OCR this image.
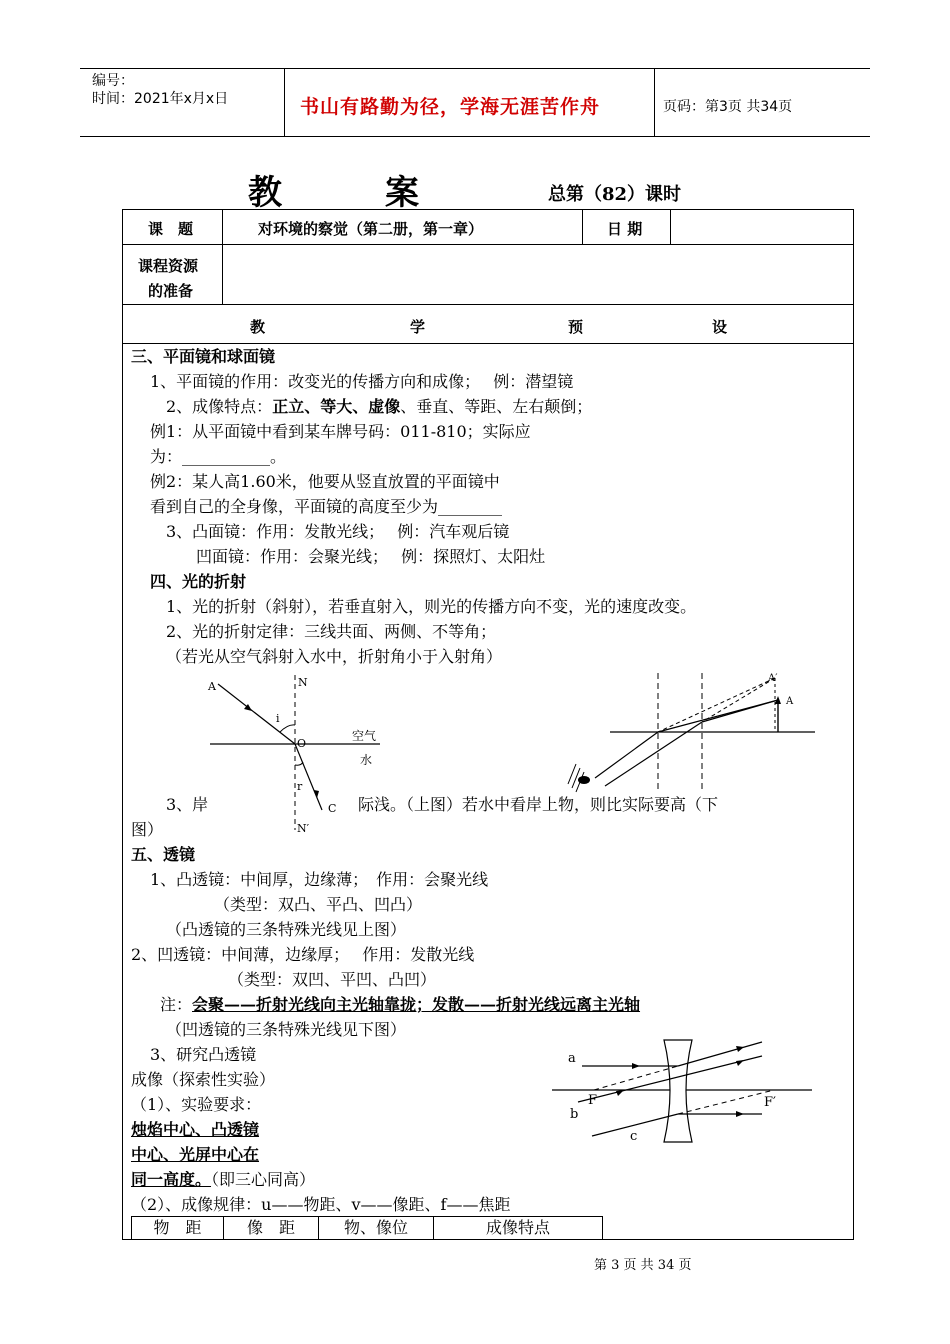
编号：
时间：2021年x月x日	书山有路勤为径，学海无涯苦作舟	页码：第3页 共34页
教	案	总第（82）课时
课　题	对环境的察觉（第二册，第一章）	日 期
课程资源
的准备
教	学	预	设
三、平面镜和球面镜
1、平面镜的作用：改变光的传播方向和成像；　 例：潜望镜
2、成像特点：正立、等大、虚像、垂直、等距、左右颠倒；
例1：从平面镜中看到某车牌号码：011-810；实际应
为：___________。
例2：某人高1.60米，他要从竖直放置的平面镜中
看到自己的全身像，平面镜的高度至少为________
3、凸面镜：作用：发散光线；　 例：汽车观后镜
凹面镜：作用：会聚光线；　 例：探照灯、太阳灶
四、光的折射
1、光的折射（斜射），若垂直射入，则光的传播方向不变，光的速度改变。
2、光的折射定律：三线共面、两侧、不等角；
（若光从空气斜射入水中，折射角小于入射角）
A	N
i
O
空气
水
r
C
N′
A′
A
3、岸	际浅。（上图）若水中看岸上物，则比实际要高（下
图）
五、透镜
1、凸透镜：中间厚，边缘薄；　作用：会聚光线
（类型：双凸、平凸、凹凸）
（凸透镜的三条特殊光线见上图）
2、凹透镜：中间薄，边缘厚；　 作用：发散光线
（类型：双凹、平凹、凸凹）
注：会聚——折射光线向主光轴靠拢；发散——折射光线远离主光轴
（凹透镜的三条特殊光线见下图）
3、研究凸透镜
成像（探索性实验）
（1）、实验要求：
烛焰中心、凸透镜
中心、光屏中心在
同一高度。（即三心同高）
（2）、成像规律：u——物距、v——像距、f——焦距
a
b
c
F	F′
物　距	像　距	物、像位	成像特点
第 3 页 共 34 页
